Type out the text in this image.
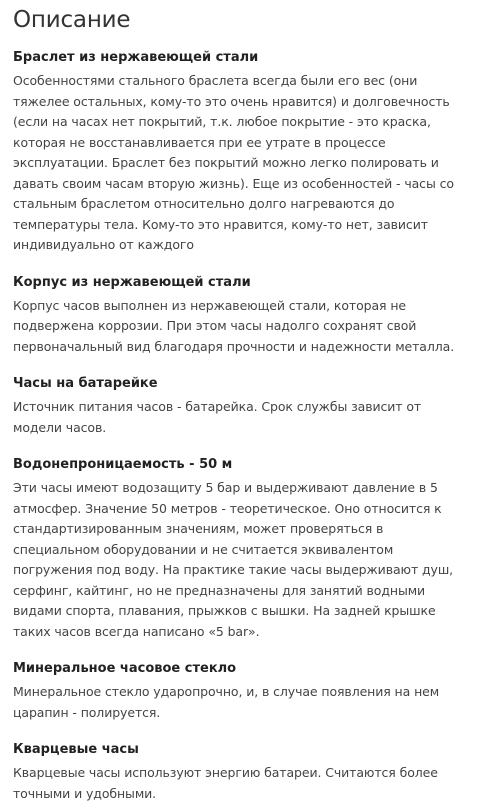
Описание
Браслет из нержавеющей стали

Особенностями стального браслета всегда были его вес (они тяжелее остальных, кому-то это очень нравится) и долговечность (если на часах нет покрытий, т.к. любое покрытие - это краска, которая не восстанавливается при ее утрате в процессе эксплуатации. Браслет без покрытий можно легко полировать и давать своим часам вторую жизнь). Еще из особенностей - часы со стальным браслетом относительно долго нагреваются до температуры тела. Кому-то это нравится, кому-то нет, зависит индивидуально от каждого

Корпус из нержавеющей стали

Корпус часов выполнен из нержавеющей стали, которая не подвержена коррозии. При этом часы надолго сохранят свой первоначальный вид благодаря прочности и надежности металла.

Часы на батарейке

Источник питания часов - батарейка. Срок службы зависит от модели часов.

Водонепроницаемость - 50 м

Эти часы имеют водозащиту 5 бар и выдерживают давление в 5 атмосфер. Значение 50 метров - теоретическое. Оно относится к стандартизированным значениям, может проверяться в специальном оборудовании и не считается эквивалентом погружения под воду. На практике такие часы выдерживают душ, серфинг, кайтинг, но не предназначены для занятий водными видами спорта, плавания, прыжков с вышки. На задней крышке таких часов всегда написано «5 bar».

Минеральное часовое стекло

Минеральное стекло ударопрочно, и, в случае появления на нем царапин - полируется.

Кварцевые часы

Кварцевые часы используют энергию батареи. Считаются более точными и удобными.
